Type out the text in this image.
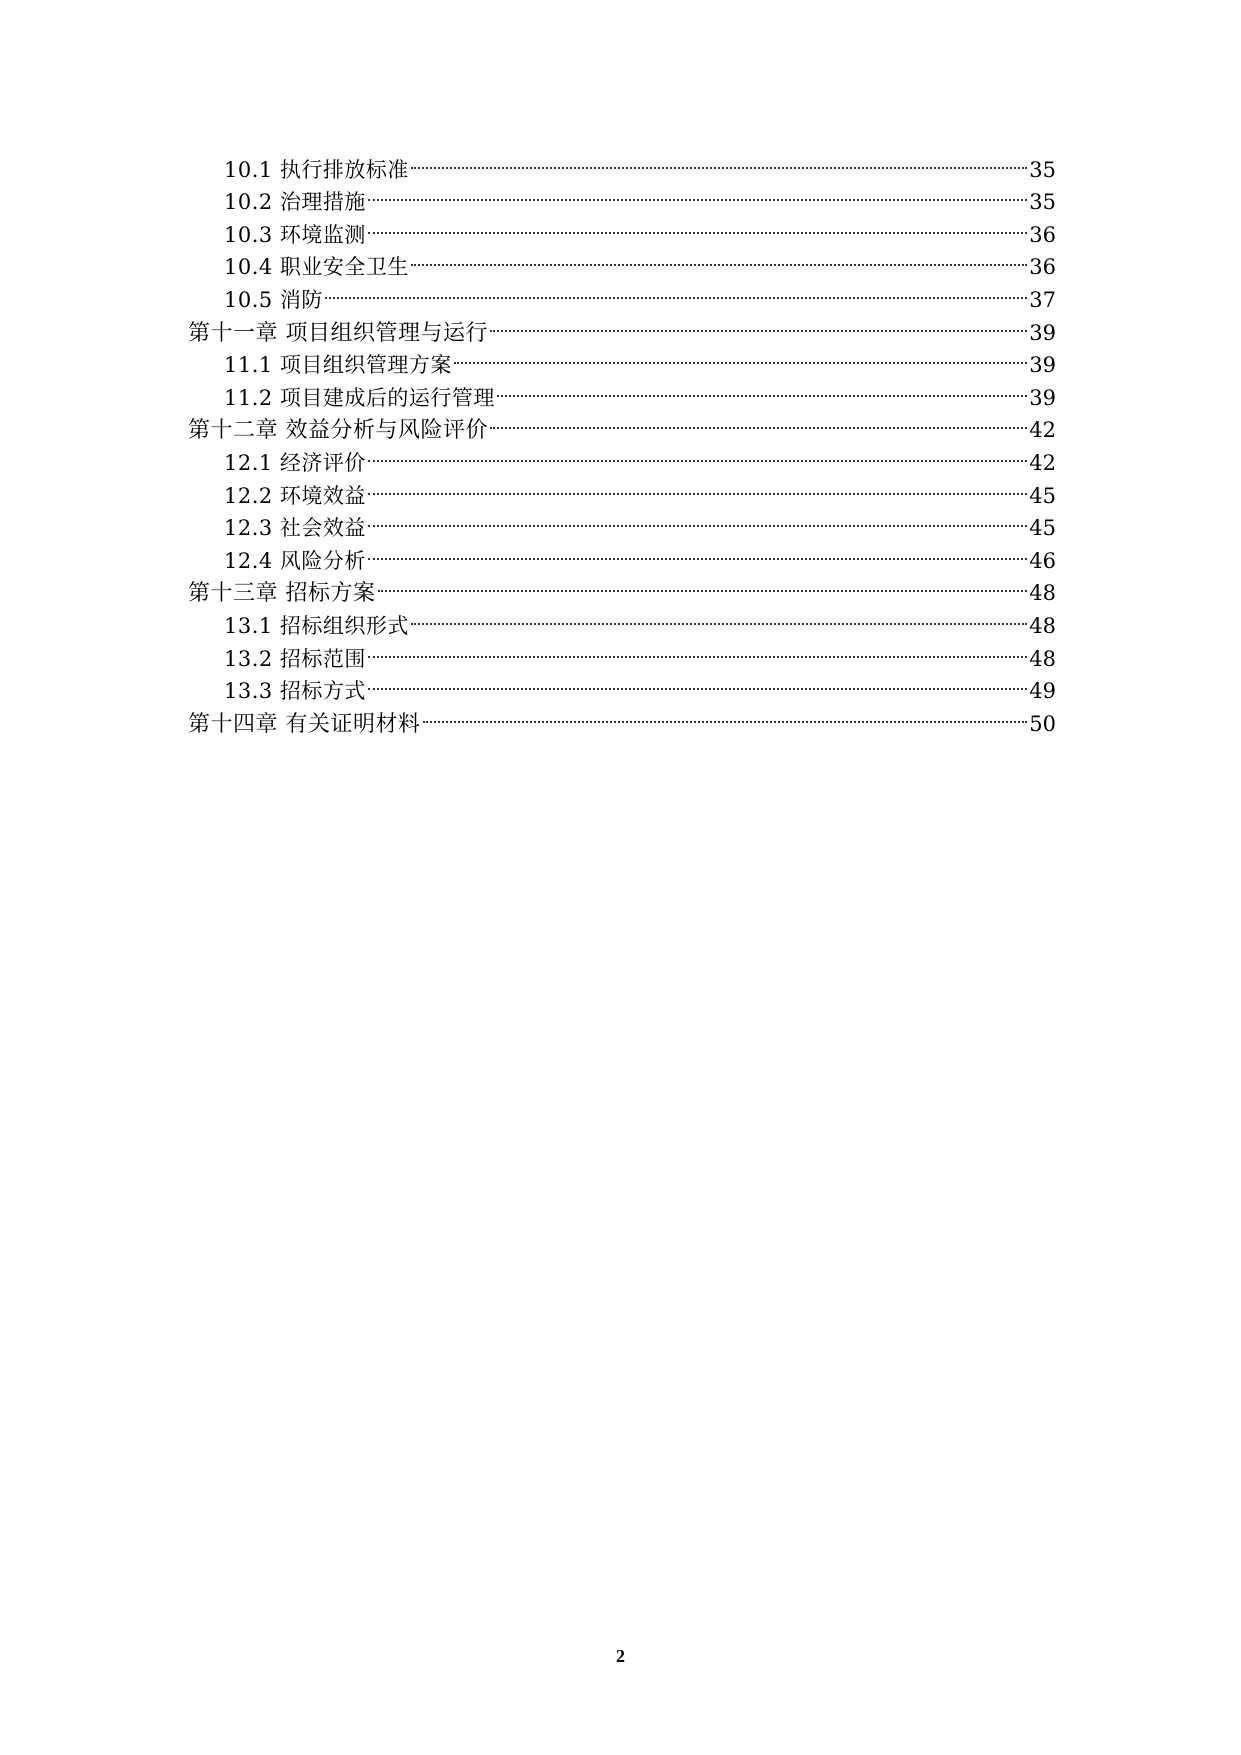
10.1 执行排放标准	35
10.2 治理措施	35
10.3 环境监测	36
10.4 职业安全卫生	36
10.5 消防	37
第十一章 项目组织管理与运行	39
11.1 项目组织管理方案	39
11.2 项目建成后的运行管理	39
第十二章 效益分析与风险评价	42
12.1 经济评价	42
12.2 环境效益	45
12.3 社会效益	45
12.4 风险分析	46
第十三章 招标方案	48
13.1 招标组织形式	48
13.2 招标范围	48
13.3 招标方式	49
第十四章 有关证明材料	50
2
